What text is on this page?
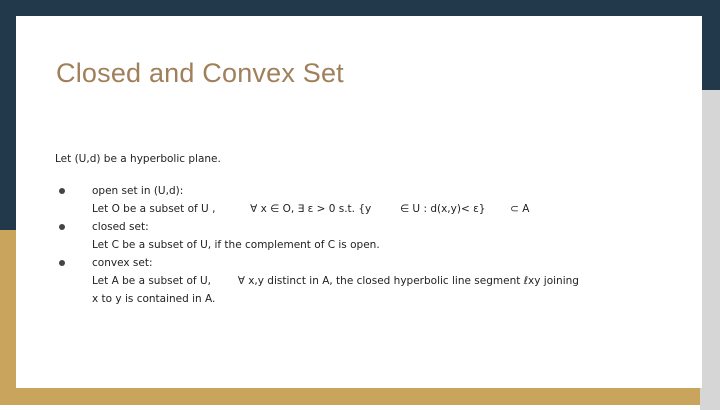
Closed and Convex Set

Let (U,d) be a hyperbolic plane.

open set in (U,d):
Let O be a subset of U ,	∀ x ∈ O, ∃ ε > 0 s.t. {y	∈ U : d(x,y)< ε} ⊂ A
closed set:
Let C be a subset of U, if the complement of C is open.
convex set:
Let A be a subset of U,	∀ x,y distinct in A, the closed hyperbolic line segment ℓxy joining
x to y is contained in A.
